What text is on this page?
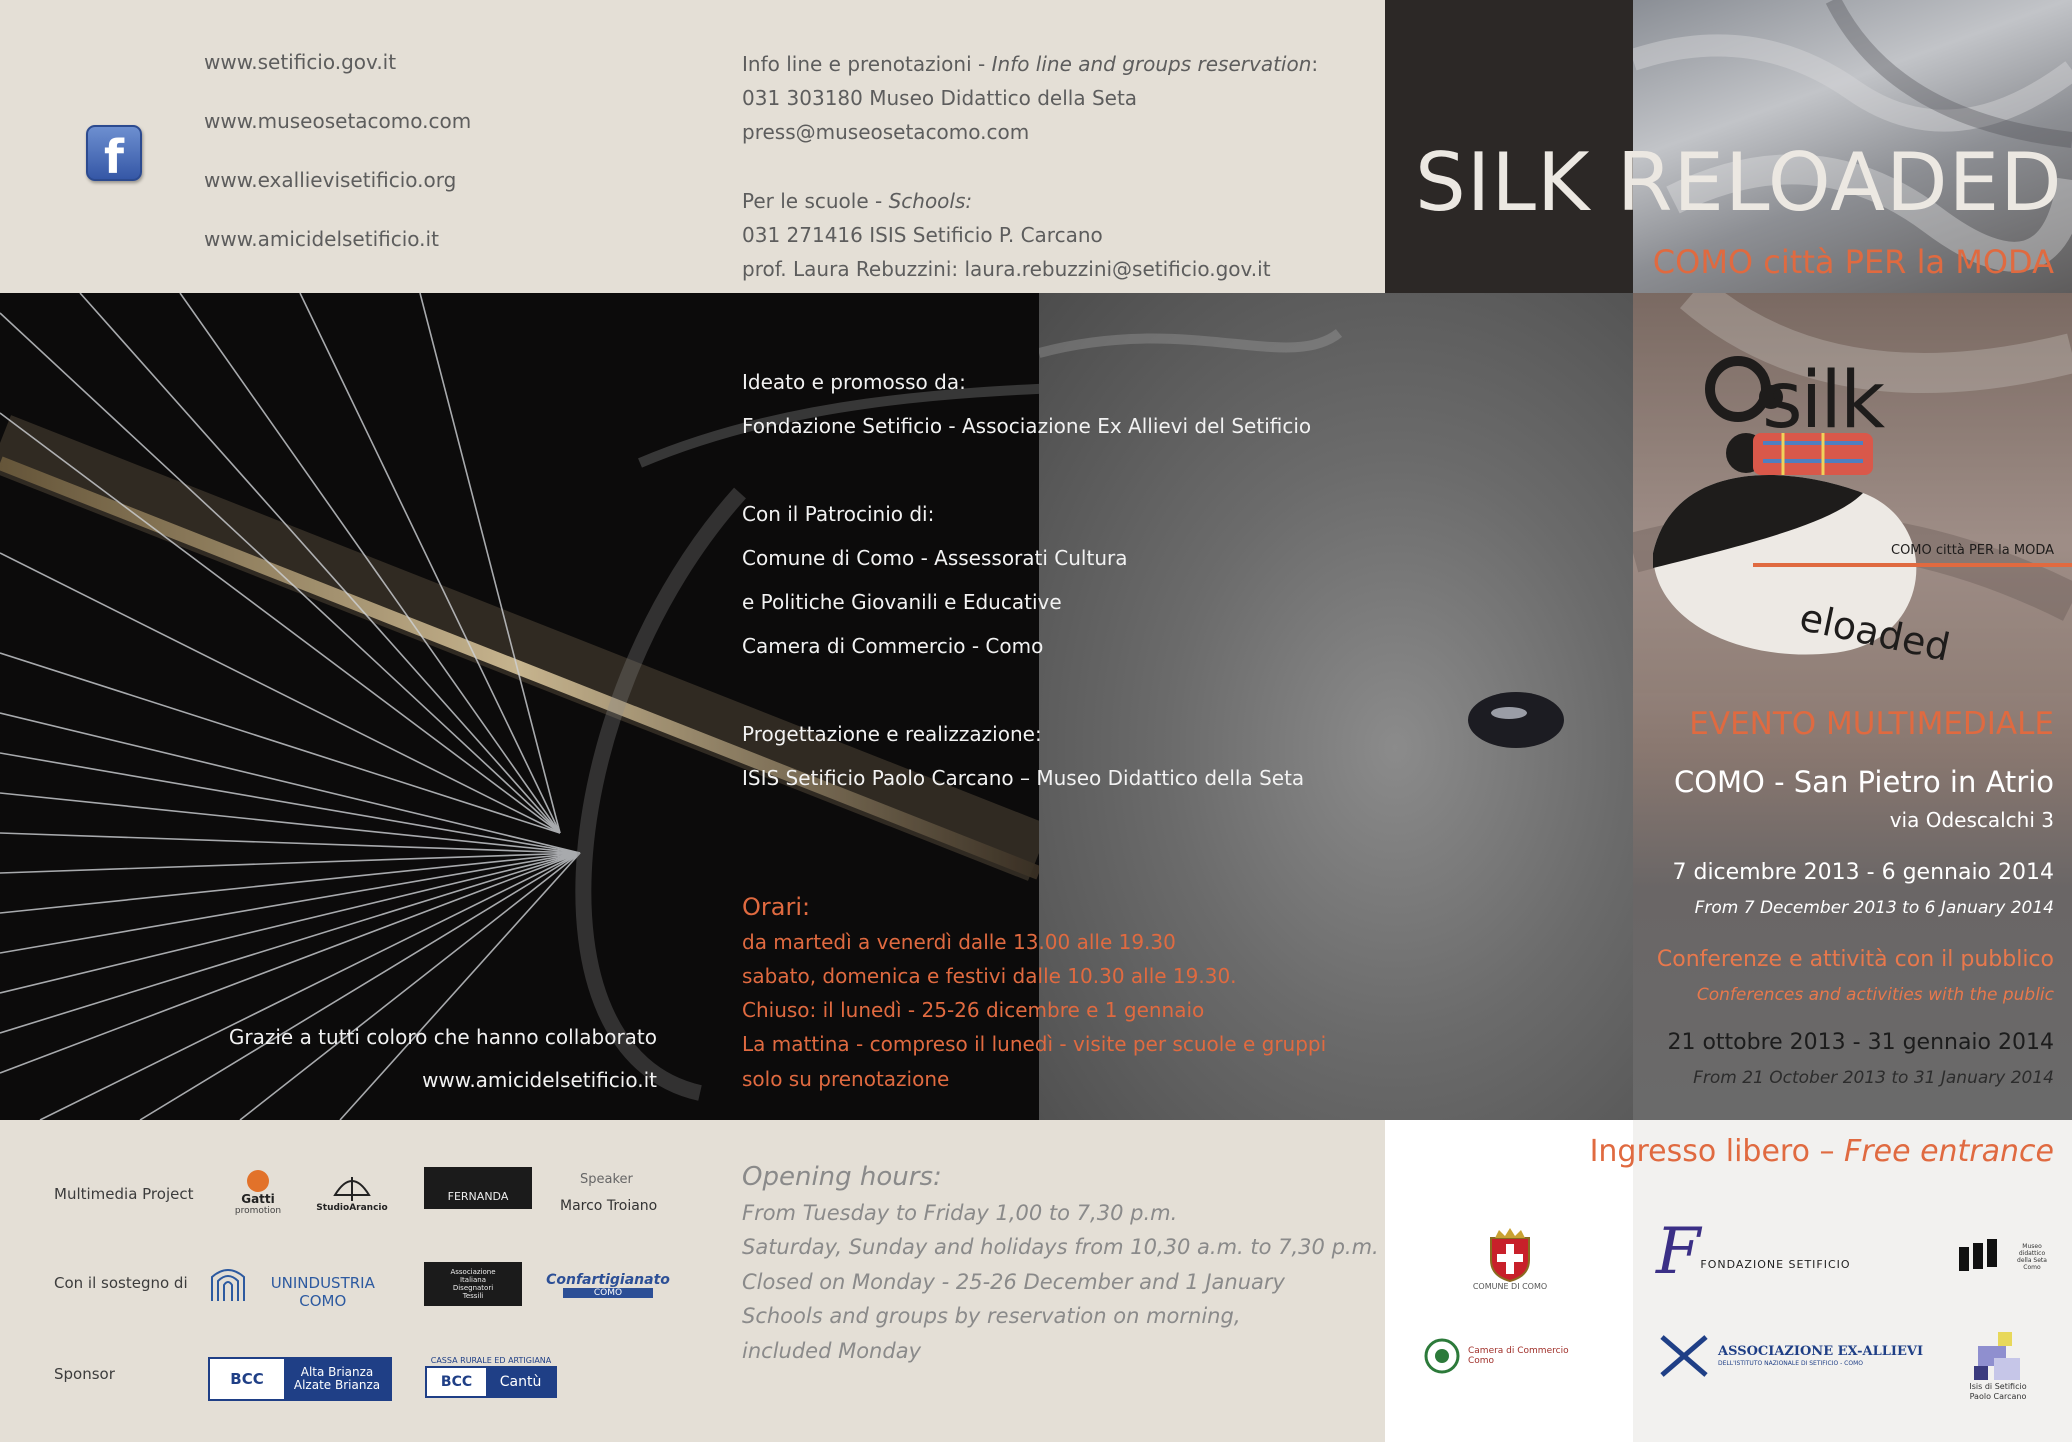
f
www.setificio.gov.it
www.museosetacomo.com
www.exallievisetificio.org
www.amicidelsetificio.it
Info line e prenotazioni - Info line and groups reservation:
031 303180 Museo Didattico della Seta
press@museosetacomo.com
Per le scuole - Schools:
031 271416 ISIS Setificio P. Carcano
prof. Laura Rebuzzini: laura.rebuzzini@setificio.gov.it
SILK RELOADED
COMO città PER la MODA
Ideato e promosso da:
Fondazione Setificio - Associazione Ex Allievi del Setificio
Con il Patrocinio di:
Comune di Como - Assessorati Cultura
e Politiche Giovanili e Educative
Camera di Commercio - Como
Progettazione e realizzazione:
ISIS Setificio Paolo Carcano – Museo Didattico della Seta
Orari:
da martedì a venerdì dalle 13.00 alle 19.30
sabato, domenica e festivi dalle 10.30 alle 19.30.
Chiuso: il lunedì - 25-26 dicembre e 1 gennaio
La mattina - compreso il lunedì - visite per scuole e gruppi
solo su prenotazione
Grazie a tutti coloro che hanno collaborato
www.amicidelsetificio.it
silk
eloaded
COMO città PER la MODA
EVENTO MULTIMEDIALE
COMO - San Pietro in Atrio
via Odescalchi 3
7 dicembre 2013 - 6 gennaio 2014
From 7 December 2013 to 6 January 2014
Conferenze e attività con il pubblico
Conferences and activities with the public
21 ottobre 2013 - 31 gennaio 2014
From 21 October 2013 to 31 January 2014
Multimedia Project
Con il sostegno di
Sponsor
Gatti
promotion	StudioArancio
FERNANDA
Speaker
Marco Troiano
UNINDUSTRIA COMO
Associazione Italiana Disegnatori Tessili
Confartigianato
COMO
BCC	Alta Brianza Alzate Brianza
CASSA RURALE ED ARTIGIANA
BCC	Cantù
Opening hours:
From Tuesday to Friday 1,00 to 7,30 p.m.
Saturday, Sunday and holidays from 10,30 a.m. to 7,30 p.m.
Closed on Monday - 25-26 December and 1 January
Schools and groups by reservation on morning,
included Monday
COMUNE DI COMO
Camera di Commercio Como
Ingresso libero – Free entrance
F FONDAZIONE SETIFICIO
Museo didattico della Seta Como
ASSOCIAZIONE EX-ALLIEVI
DELL'ISTITUTO NAZIONALE DI SETIFICIO - COMO
Isis di Setificio Paolo Carcano
